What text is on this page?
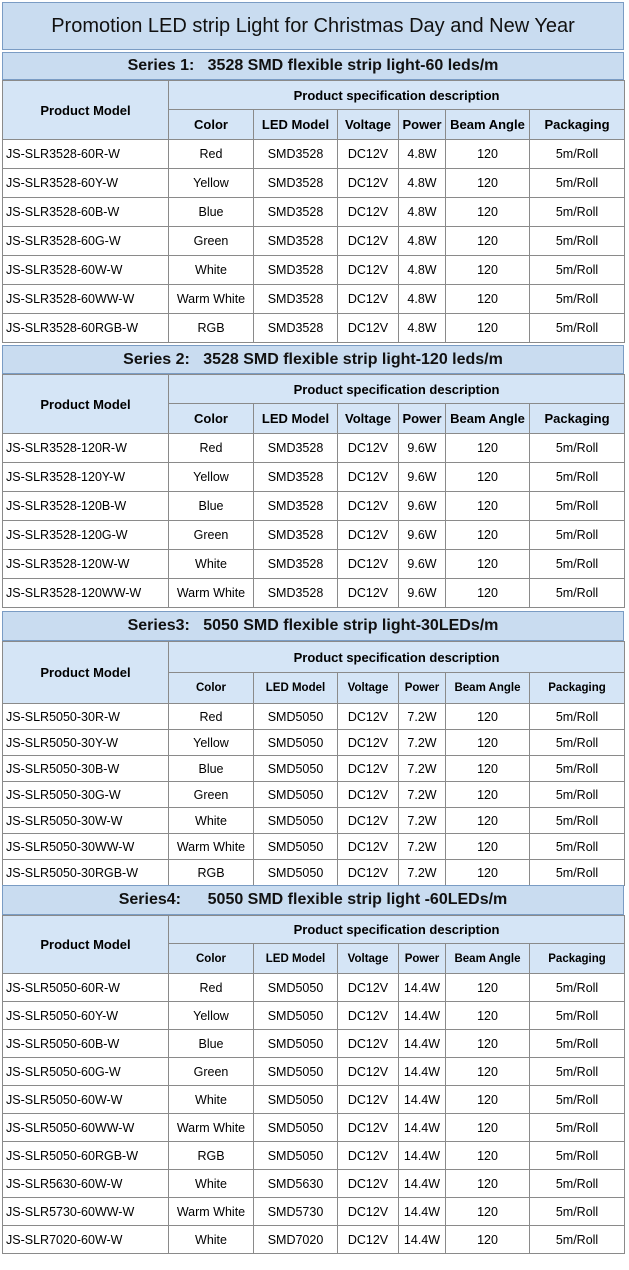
Promotion LED strip Light for Christmas Day and New Year
Series 1:   3528 SMD flexible strip light-60 leds/m
Product Model	Product specification description					
	Color	LED Model	Voltage	Power	Beam Angle	Packaging
JS-SLR3528-60R-W	Red	SMD3528	DC12V	4.8W	120	5m/Roll
JS-SLR3528-60Y-W	Yellow	SMD3528	DC12V	4.8W	120	5m/Roll
JS-SLR3528-60B-W	Blue	SMD3528	DC12V	4.8W	120	5m/Roll
JS-SLR3528-60G-W	Green	SMD3528	DC12V	4.8W	120	5m/Roll
JS-SLR3528-60W-W	White	SMD3528	DC12V	4.8W	120	5m/Roll
JS-SLR3528-60WW-W	Warm White	SMD3528	DC12V	4.8W	120	5m/Roll
JS-SLR3528-60RGB-W	RGB	SMD3528	DC12V	4.8W	120	5m/Roll
Series 2:   3528 SMD flexible strip light-120 leds/m
Product Model	Product specification description					
	Color	LED Model	Voltage	Power	Beam Angle	Packaging
JS-SLR3528-120R-W	Red	SMD3528	DC12V	9.6W	120	5m/Roll
JS-SLR3528-120Y-W	Yellow	SMD3528	DC12V	9.6W	120	5m/Roll
JS-SLR3528-120B-W	Blue	SMD3528	DC12V	9.6W	120	5m/Roll
JS-SLR3528-120G-W	Green	SMD3528	DC12V	9.6W	120	5m/Roll
JS-SLR3528-120W-W	White	SMD3528	DC12V	9.6W	120	5m/Roll
JS-SLR3528-120WW-W	Warm White	SMD3528	DC12V	9.6W	120	5m/Roll
Series3:   5050 SMD flexible strip light-30LEDs/m
Product Model	Product specification description					
	Color	LED Model	Voltage	Power	Beam Angle	Packaging
JS-SLR5050-30R-W	Red	SMD5050	DC12V	7.2W	120	5m/Roll
JS-SLR5050-30Y-W	Yellow	SMD5050	DC12V	7.2W	120	5m/Roll
JS-SLR5050-30B-W	Blue	SMD5050	DC12V	7.2W	120	5m/Roll
JS-SLR5050-30G-W	Green	SMD5050	DC12V	7.2W	120	5m/Roll
JS-SLR5050-30W-W	White	SMD5050	DC12V	7.2W	120	5m/Roll
JS-SLR5050-30WW-W	Warm White	SMD5050	DC12V	7.2W	120	5m/Roll
JS-SLR5050-30RGB-W	RGB	SMD5050	DC12V	7.2W	120	5m/Roll
Series4:      5050 SMD flexible strip light -60LEDs/m
Product Model	Product specification description					
	Color	LED Model	Voltage	Power	Beam Angle	Packaging
JS-SLR5050-60R-W	Red	SMD5050	DC12V	14.4W	120	5m/Roll
JS-SLR5050-60Y-W	Yellow	SMD5050	DC12V	14.4W	120	5m/Roll
JS-SLR5050-60B-W	Blue	SMD5050	DC12V	14.4W	120	5m/Roll
JS-SLR5050-60G-W	Green	SMD5050	DC12V	14.4W	120	5m/Roll
JS-SLR5050-60W-W	White	SMD5050	DC12V	14.4W	120	5m/Roll
JS-SLR5050-60WW-W	Warm White	SMD5050	DC12V	14.4W	120	5m/Roll
JS-SLR5050-60RGB-W	RGB	SMD5050	DC12V	14.4W	120	5m/Roll
JS-SLR5630-60W-W	White	SMD5630	DC12V	14.4W	120	5m/Roll
JS-SLR5730-60WW-W	Warm White	SMD5730	DC12V	14.4W	120	5m/Roll
JS-SLR7020-60W-W	White	SMD7020	DC12V	14.4W	120	5m/Roll
